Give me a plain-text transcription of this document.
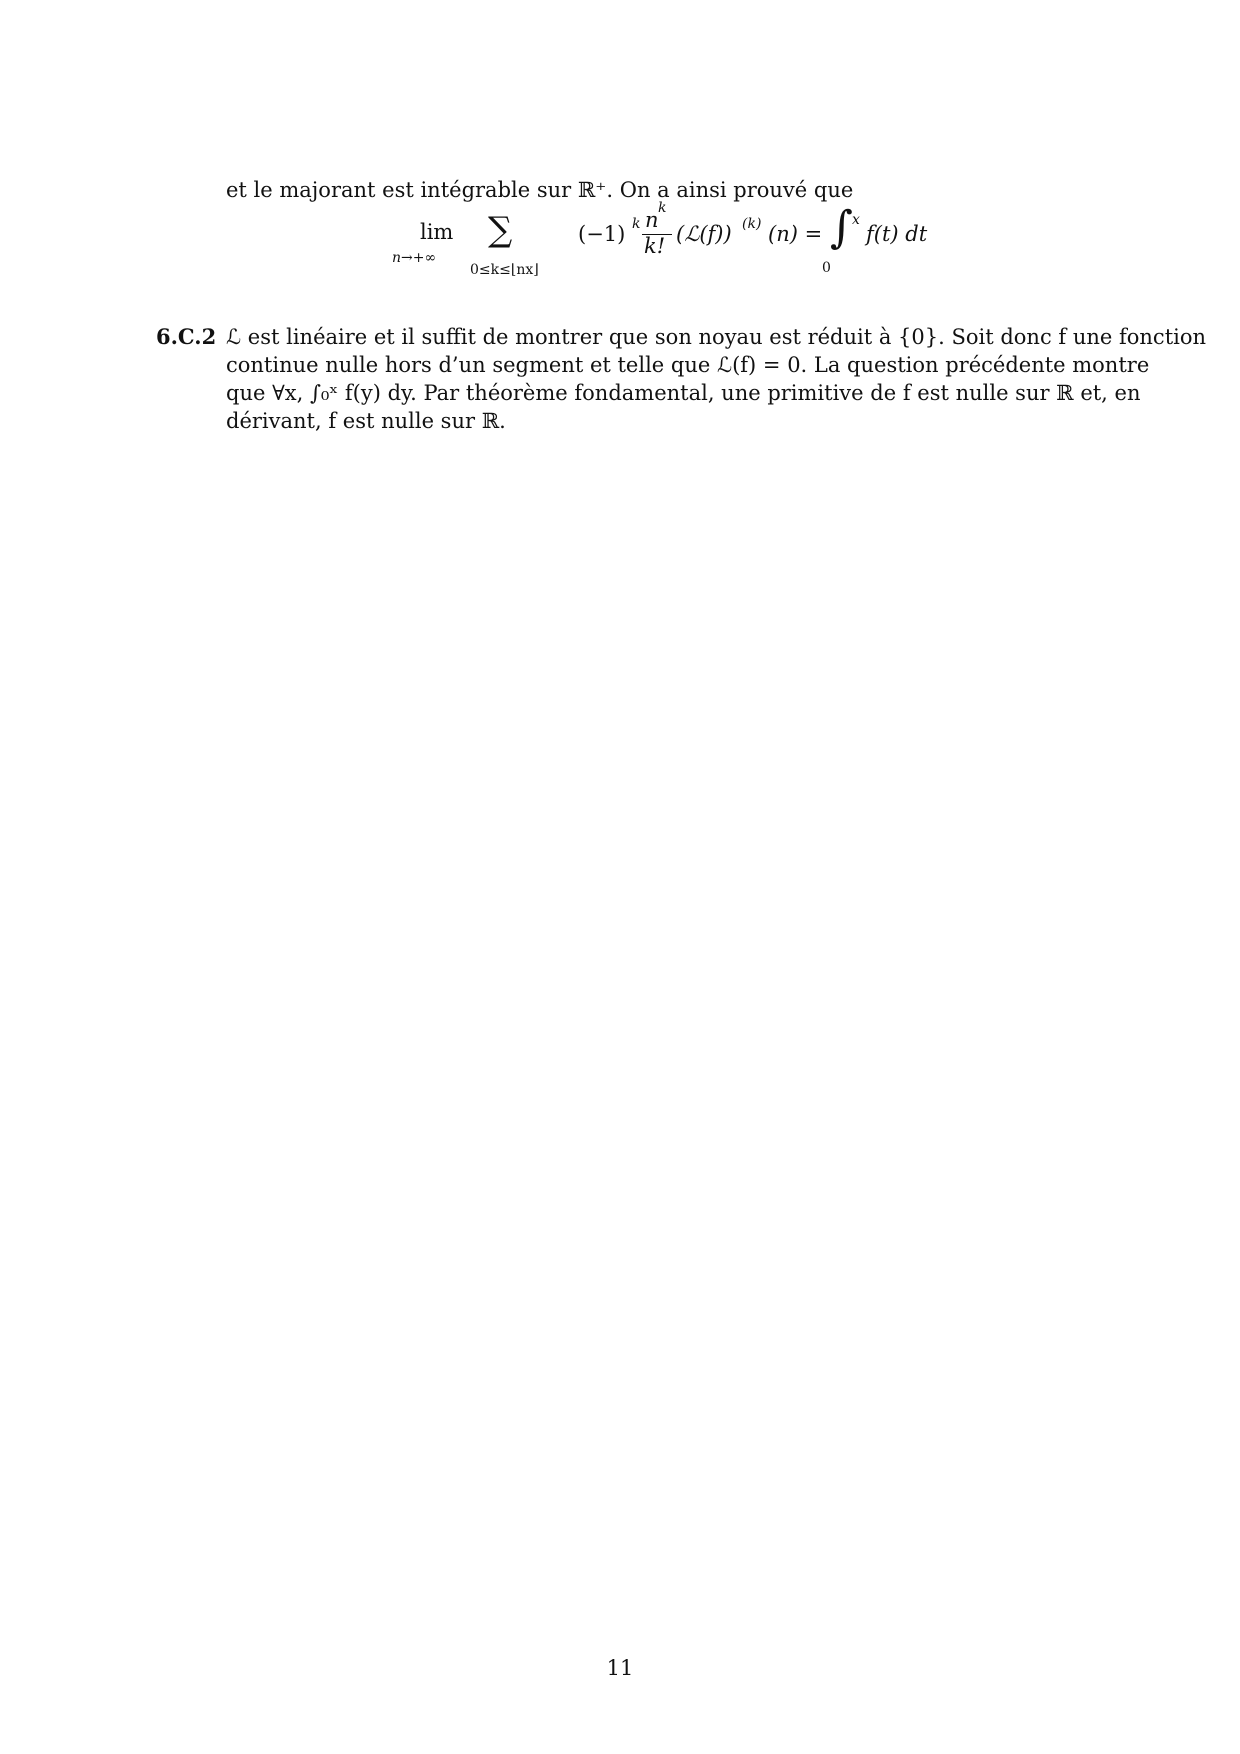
et le majorant est intégrable sur ℝ⁺. On a ainsi prouvé que
lim
n→+∞
∑
0≤k≤⌊nx⌋
(−1) k n k
k! (ℒ(f)) (k) (n) = ∫ x
0
f(t) dt
6.C.2 ℒ est linéaire et il suffit de montrer que son noyau est réduit à {0}. Soit donc f une fonction
continue nulle hors d’un segment et telle que ℒ(f) = 0. La question précédente montre
que ∀x, ∫₀ˣ f(y) dy. Par théorème fondamental, une primitive de f est nulle sur ℝ et, en
dérivant, f est nulle sur ℝ.
11
